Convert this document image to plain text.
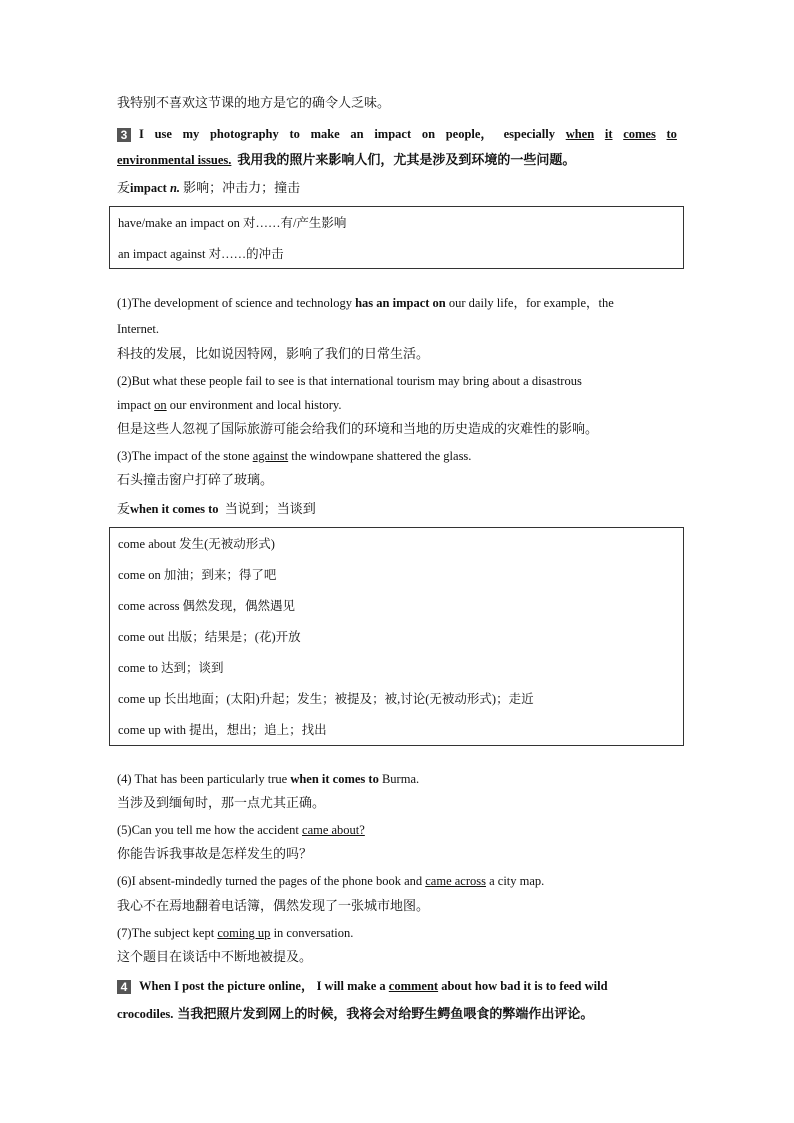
我特别不喜欢这节课的地方是它的确令人乏味。
3 I use my photography to make an impact on people， especially when it comes to
environmental issues. 我用我的照片来影响人们，尤其是涉及到环境的一些问题。
叐impact n. 影响；冲击力；撞击
have/make an impact on 对……有/产生影响
an impact against 对……的冲击
(1)The development of science and technology has an impact on our daily life，for example，the
Internet.
科技的发展，比如说因特网，影响了我们的日常生活。
(2)But what these people fail to see is that international tourism may bring about a disastrous
impact on our environment and local history.
但是这些人忽视了国际旅游可能会给我们的环境和当地的历史造成的灾难性的影响。
(3)The impact of the stone against the windowpane shattered the glass.
石头撞击窗户打碎了玻璃。
叐when it comes to 当说到；当谈到
come about 发生(无被动形式)
come on 加油；到来；得了吧
come across 偶然发现，偶然遇见
come out 出版；结果是；(花)开放
come to 达到；谈到
come up 长出地面；(太阳)升起；发生；被提及；被,讨论(无被动形式)；走近
come up with 提出，想出；追上；找出
(4) That has been particularly true when it comes to Burma.
当涉及到缅甸时，那一点尤其正确。
(5)Can you tell me how the accident came about?
你能告诉我事故是怎样发生的吗？
(6)I absent-mindedly turned the pages of the phone book and came across a city map.
我心不在焉地翻着电话簿，偶然发现了一张城市地图。
(7)The subject kept coming up in conversation.
这个题目在谈话中不断地被提及。
4 When I post the picture online， I will make a comment about how bad it is to feed wild
crocodiles. 当我把照片发到网上的时候，我将会对给野生鳄鱼喂食的弊端作出评论。
